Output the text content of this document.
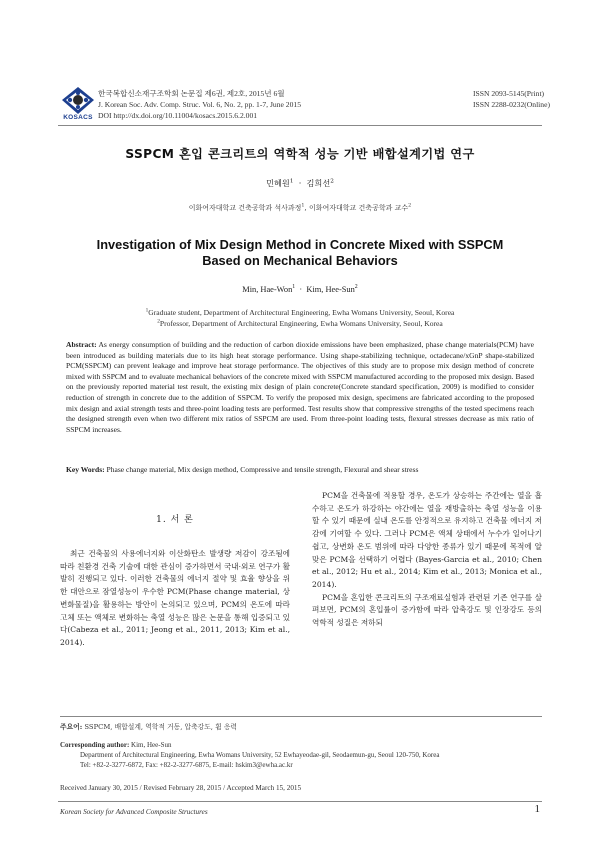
KOSACS
한국복합신소재구조학회 논문집 제6권, 제2호, 2015년 6월
J. Korean Soc. Adv. Comp. Struc. Vol. 6, No. 2, pp. 1-7, June 2015
DOI http://dx.doi.org/10.11004/kosacs.2015.6.2.001
ISSN 2093-5145(Print)
ISSN 2288-0232(Online)
SSPCM 혼입 콘크리트의 역학적 성능 기반 배합설계기법 연구
민혜원$^1$ · 김희선$^2$
이화여자대학교 건축공학과 석사과정$^1$, 이화여자대학교 건축공학과 교수$^2$
Investigation of Mix Design Method in Concrete Mixed with SSPCM
Based on Mechanical Behaviors
Min, Hae-Won$^1$ · Kim, Hee-Sun$^2$
$^1$Graduate student, Department of Architectural Engineering, Ewha Womans University, Seoul, Korea
$^2$Professor, Department of Architectural Engineering, Ewha Womans University, Seoul, Korea
Abstract: As energy consumption of building and the reduction of carbon dioxide emissions have been emphasized, phase change materials(PCM) have been introduced as building materials due to its high heat storage performance. Using shape-stabilizing technique, octadecane/xGnP shape-stabilized PCM(SSPCM) can prevent leakage and improve heat storage performance. The objectives of this study are to propose mix design method of concrete mixed with SSPCM and to evaluate mechanical behaviors of the concrete mixed with SSPCM manufactured according to the proposed mix design. Based on the previously reported material test result, the existing mix design of plain concrete(Concrete standard specification, 2009) is modified to consider reduction of strength in concrete due to the addition of SSPCM. To verify the proposed mix design, specimens are fabricated according to the proposed mix design and axial strength tests and three-point loading tests are performed. Test results show that compressive strengths of the tested specimens reach the designed strength even when two different mix ratios of SSPCM are used. From three-point loading tests, flexural stresses decrease as mix ratio of SSPCM increases.
Key Words: Phase change material, Mix design method, Compressive and tensile strength, Flexural and shear stress
1. 서 론

최근 건축물의 사용에너지와 이산화탄소 발생량 저감이 강조됨에 따라 친환경 건축 기술에 대한 관심이 증가하면서 국내·외로 연구가 활발히 진행되고 있다. 이러한 건축물의 에너지 절약 및 효율 향상을 위한 대안으로 잠열성능이 우수한 PCM(Phase change material, 상변화물질)을 활용하는 방안이 논의되고 있으며, PCM의 온도에 따라 고체 또는 액체로 변화하는 축열 성능은 많은 논문을 통해 입증되고 있다(Cabeza et al., 2011; Jeong et al., 2011, 2013; Kim et al., 2014).

PCM을 건축물에 적용할 경우, 온도가 상승하는 주간에는 열을 흡수하고 온도가 하강하는 야간에는 열을 재방출하는 축열 성능을 이용할 수 있기 때문에 실내 온도를 안정적으로 유지하고 건축물 에너지 저감에 기여할 수 있다. 그러나 PCM은 액체 상태에서 누수가 일어나기 쉽고, 상변화 온도 범위에 따라 다양한 종류가 있기 때문에 목적에 알맞은 PCM을 선택하기 어렵다 (Bayes-Garcia et al., 2010; Chen et al., 2012; Hu et al., 2014; Kim et al., 2013; Monica et al., 2014).

PCM을 혼입한 콘크리트의 구조재료실험과 관련된 기존 연구를 살펴보면, PCM의 혼입률이 증가함에 따라 압축강도 및 인장강도 등의 역학적 성질은 저하되

주요어: SSPCM, 배합설계, 역학적 거동, 압축강도, 휨 응력
Corresponding author: Kim, Hee-Sun
Department of Architectural Engineering, Ewha Womans University, 52 Ewhayeodae-gil, Seodaemun-gu, Seoul 120-750, Korea
Tel: +82-2-3277-6872, Fax: +82-2-3277-6875, E-mail: hskim3@ewha.ac.kr
Received January 30, 2015 / Revised February 28, 2015 / Accepted March 15, 2015
Korean Society for Advanced Composite Structures	1
